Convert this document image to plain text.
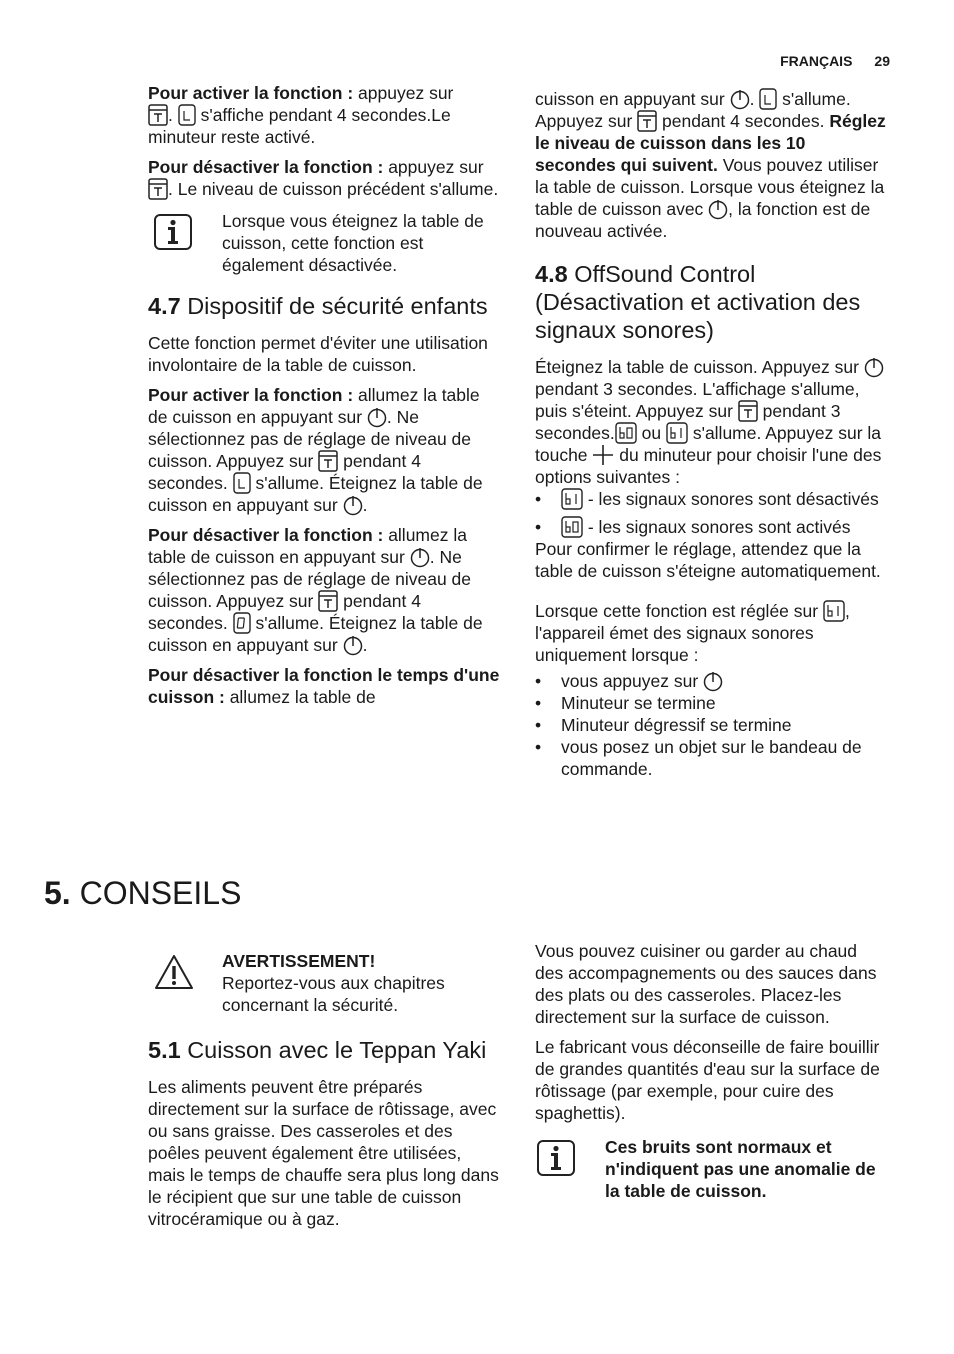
FRANÇAIS 29

Pour activer la fonction : appuyez sur

.
s'affiche pendant 4 secondes.Le minuteur reste activé.

Pour désactiver la fonction : appuyez sur
. Le niveau de cuisson précédent s'allume.

Lorsque vous éteignez la table de cuisson, cette fonction est également désactivée.
4.7 Dispositif de sécurité enfants

Cette fonction permet d'éviter une utilisation involontaire de la table de cuisson.

Pour activer la fonction : allumez la table de cuisson en appuyant sur
. Ne sélectionnez pas de réglage de niveau de cuisson. Appuyez sur
pendant 4 secondes.
s'allume. Éteignez la table de cuisson en appuyant sur
.

Pour désactiver la fonction : allumez la table de cuisson en appuyant sur
. Ne sélectionnez pas de réglage de niveau de cuisson. Appuyez sur
pendant 4 secondes.
s'allume. Éteignez la table de cuisson en appuyant sur
.

Pour désactiver la fonction le temps d'une cuisson : allumez la table de

cuisson en appuyant sur
.
s'allume. Appuyez sur
pendant 4 secondes. Réglez le niveau de cuisson dans les 10 secondes qui suivent. Vous pouvez utiliser la table de cuisson. Lorsque vous éteignez la table de cuisson avec
, la fonction est de nouveau activée.

4.8 OffSound Control (Désactivation et activation des signaux sonores)

Éteignez la table de cuisson. Appuyez sur
pendant 3 secondes. L'affichage s'allume, puis s'éteint. Appuyez sur
pendant 3 secondes.
ou
s'allume. Appuyez sur la touche
du minuteur pour choisir l'une des options suivantes :

• - les signaux sonores sont désactivés
• - les signaux sonores sont activés

Pour confirmer le réglage, attendez que la table de cuisson s'éteigne automatiquement.

Lorsque cette fonction est réglée sur
, l'appareil émet des signaux sonores uniquement lorsque :

• vous appuyez sur
• Minuteur se termine
• Minuteur dégressif se termine
• vous posez un objet sur le bandeau de commande.
5. CONSEILS
AVERTISSEMENT!
Reportez-vous aux chapitres concernant la sécurité.
5.1 Cuisson avec le Teppan Yaki

Les aliments peuvent être préparés directement sur la surface de rôtissage, avec ou sans graisse. Des casseroles et des poêles peuvent également être utilisées, mais le temps de chauffe sera plus long dans le récipient que sur une table de cuisson vitrocéramique ou à gaz.

Vous pouvez cuisiner ou garder au chaud des accompagnements ou des sauces dans des plats ou des casseroles. Placez-les directement sur la surface de cuisson.

Le fabricant vous déconseille de faire bouillir de grandes quantités d'eau sur la surface de rôtissage (par exemple, pour cuire des spaghettis).

Ces bruits sont normaux et n'indiquent pas une anomalie de la table de cuisson.
